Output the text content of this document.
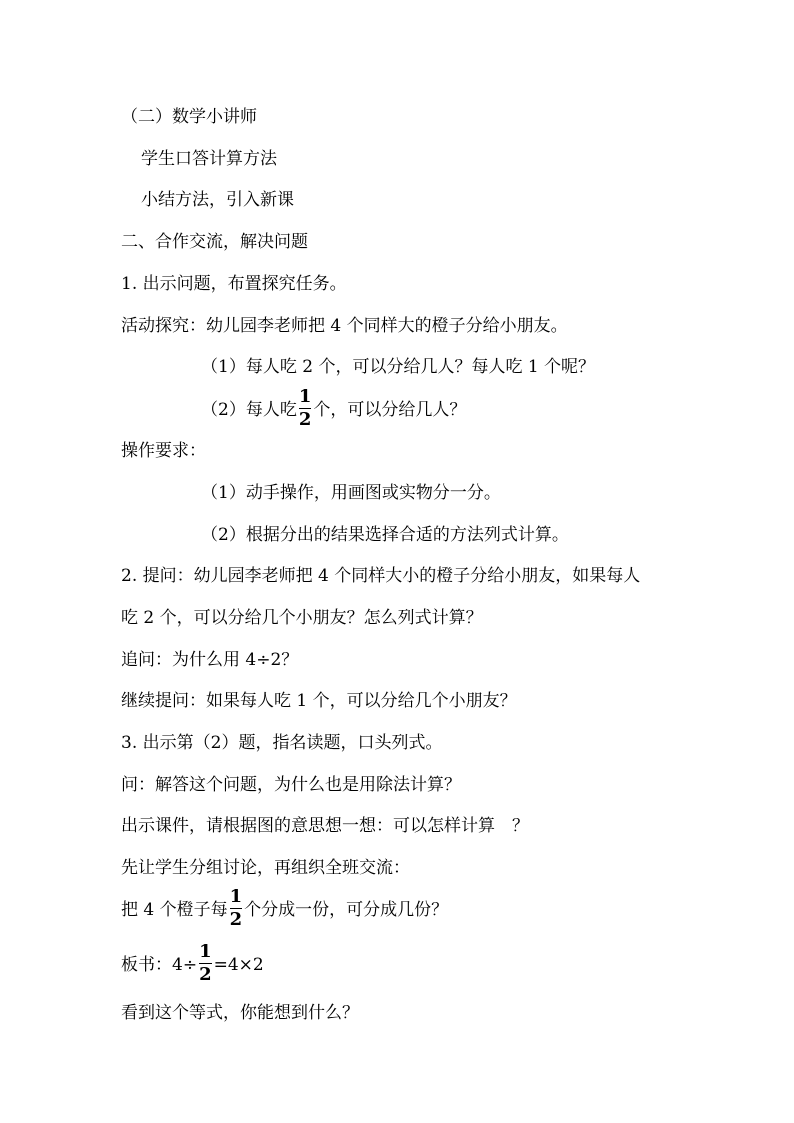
（二）数学小讲师
学生口答计算方法
小结方法，引入新课
二、合作交流，解决问题
1. 出示问题，布置探究任务。
活动探究：幼儿园李老师把 4 个同样大的橙子分给小朋友。
（1）每人吃 2 个，可以分给几人？每人吃 1 个呢？
（2）每人吃 $\frac{1}{2}$ 个，可以分给几人？
操作要求：
（1）动手操作，用画图或实物分一分。
（2）根据分出的结果选择合适的方法列式计算。
2. 提问：幼儿园李老师把 4 个同样大小的橙子分给小朋友，如果每人
吃 2 个，可以分给几个小朋友？怎么列式计算？
追问：为什么用 4÷2？
继续提问：如果每人吃 1 个，可以分给几个小朋友？
3. 出示第（2）题，指名读题，口头列式。
问：解答这个问题，为什么也是用除法计算？
出示课件，请根据图的意思想一想：可以怎样计算　？
先让学生分组讨论，再组织全班交流：
把 4 个橙子每 $\frac{1}{2}$ 个分成一份，可分成几份？
板书：$4\div \frac{1}{2} =4\times 2$
看到这个等式，你能想到什么？
